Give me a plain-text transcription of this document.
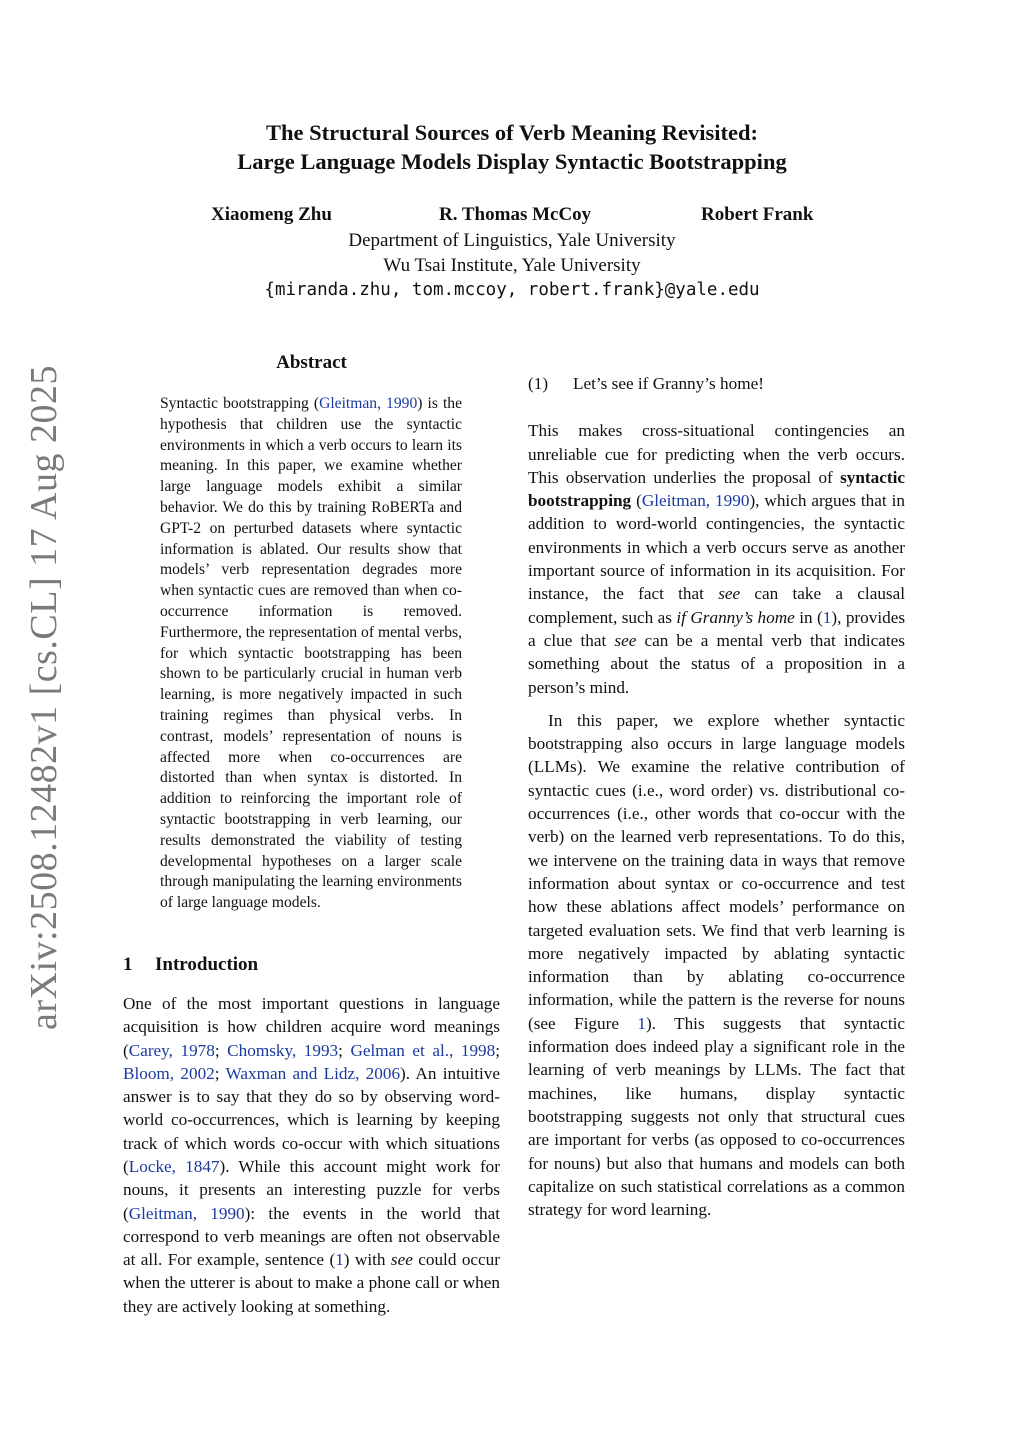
The Structural Sources of Verb Meaning Revisited:
Large Language Models Display Syntactic Bootstrapping
Xiaomeng Zhu	R. Thomas McCoy	Robert Frank
Department of Linguistics, Yale University
Wu Tsai Institute, Yale University
{miranda.zhu, tom.mccoy, robert.frank}@yale.edu
arXiv:2508.12482v1 [cs.CL] 17 Aug 2025
Abstract

Syntactic bootstrapping (Gleitman, 1990) is the hypothesis that children use the syntactic environments in which a verb occurs to learn its meaning. In this paper, we examine whether large language models exhibit a similar behavior. We do this by training RoBERTa and GPT-2 on perturbed datasets where syntactic information is ablated. Our results show that models’ verb representation degrades more when syntactic cues are removed than when co-occurrence information is removed. Furthermore, the representation of mental verbs, for which syntactic bootstrapping has been shown to be particularly crucial in human verb learning, is more negatively impacted in such training regimes than physical verbs. In contrast, models’ representation of nouns is affected more when co-occurrences are distorted than when syntax is distorted. In addition to reinforcing the important role of syntactic bootstrapping in verb learning, our results demonstrated the viability of testing developmental hypotheses on a larger scale through manipulating the learning environments of large language models.

1 Introduction

One of the most important questions in language acquisition is how children acquire word meanings (Carey, 1978; Chomsky, 1993; Gelman et al., 1998; Bloom, 2002; Waxman and Lidz, 2006). An intuitive answer is to say that they do so by observing word-world co-occurrences, which is learning by keeping track of which words co-occur with which situations (Locke, 1847). While this account might work for nouns, it presents an interesting puzzle for verbs (Gleitman, 1990): the events in the world that correspond to verb meanings are often not observable at all. For example, sentence (1) with see could occur when the utterer is about to make a phone call or when they are actively looking at something.

(1) Let’s see if Granny’s home!

This makes cross-situational contingencies an unreliable cue for predicting when the verb occurs. This observation underlies the proposal of syntactic bootstrapping (Gleitman, 1990), which argues that in addition to word-world contingencies, the syntactic environments in which a verb occurs serve as another important source of information in its acquisition. For instance, the fact that see can take a clausal complement, such as if Granny’s home in (1), provides a clue that see can be a mental verb that indicates something about the status of a proposition in a person’s mind.

In this paper, we explore whether syntactic bootstrapping also occurs in large language models (LLMs). We examine the relative contribution of syntactic cues (i.e., word order) vs. distributional co-occurrences (i.e., other words that co-occur with the verb) on the learned verb representations. To do this, we intervene on the training data in ways that remove information about syntax or co-occurrence and test how these ablations affect models’ performance on targeted evaluation sets. We find that verb learning is more negatively impacted by ablating syntactic information than by ablating co-occurrence information, while the pattern is the reverse for nouns (see Figure 1). This suggests that syntactic information does indeed play a significant role in the learning of verb meanings by LLMs. The fact that machines, like humans, display syntactic bootstrapping suggests not only that structural cues are important for verbs (as opposed to co-occurrences for nouns) but also that humans and models can both capitalize on such statistical correlations as a common strategy for word learning.
